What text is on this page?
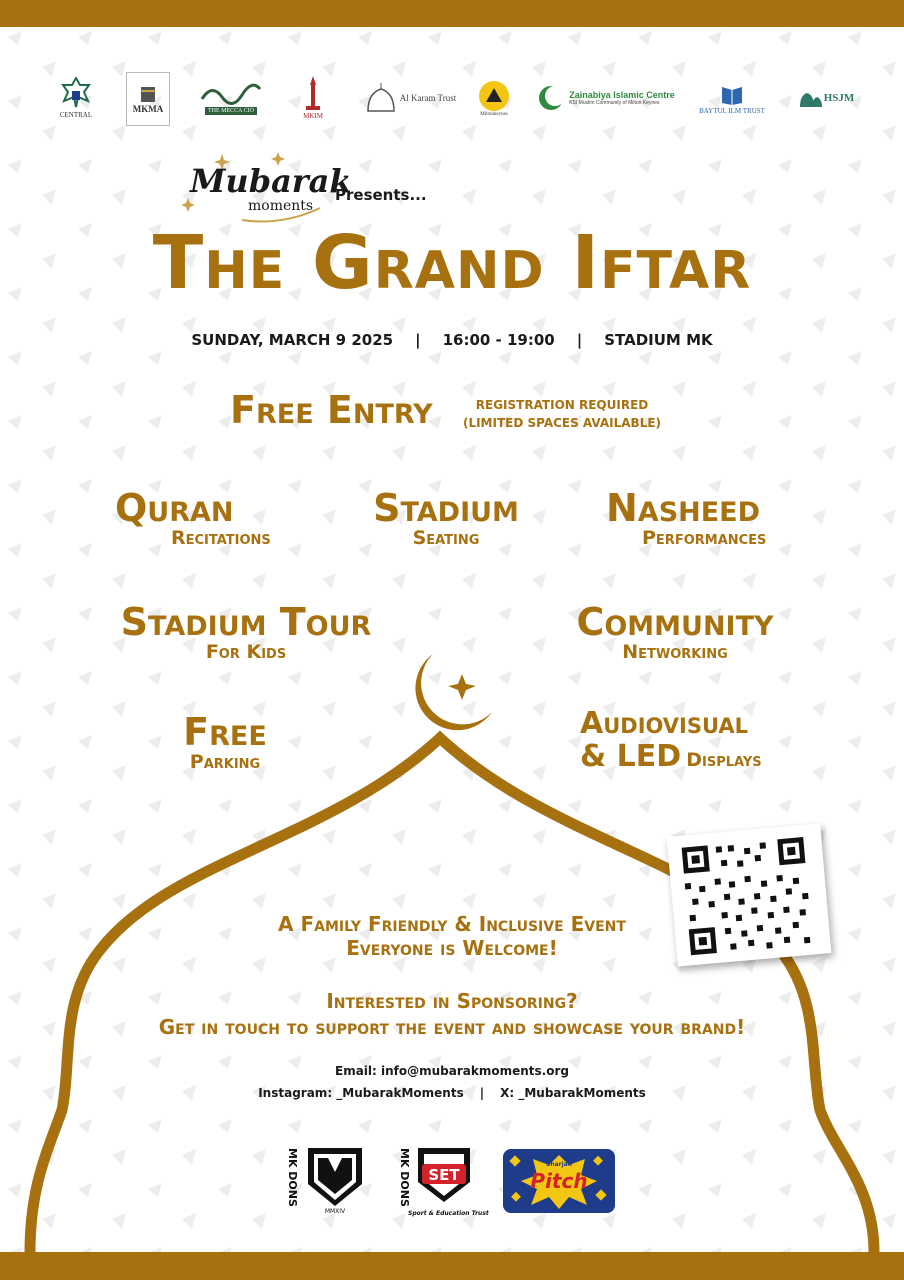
CENTRAL
MKMA	THE MECCA CIO
MKIM
Al Karam Trust
Miltonkeynes
Zainabiya Islamic Centre
KSI Muslim Community of Milton Keynes
BAYTUL ILM TRUST
HSJM
Mubarak
moments
Presents...
The Grand Iftar
SUNDAY, MARCH 9 2025 | 16:00 - 19:00 | STADIUM MK
Free Entry	REGISTRATION REQUIRED
(LIMITED SPACES AVAILABLE)
Quran
Recitations
Stadium
Seating
Nasheed
Performances
Stadium Tour
For Kids
Community
Networking
Free
Parking
Audiovisual
& LED Displays
A Family Friendly & Inclusive Event
Everyone is Welcome!
Interested in Sponsoring?
Get in touch to support the event and showcase your brand!
Email: info@mubarakmoments.org
Instagram: _MubarakMoments | X: _MubarakMoments
MK DONS
MMXIV
MK DONS	SET
Sport & Education Trust
Sharjah
Pitch
